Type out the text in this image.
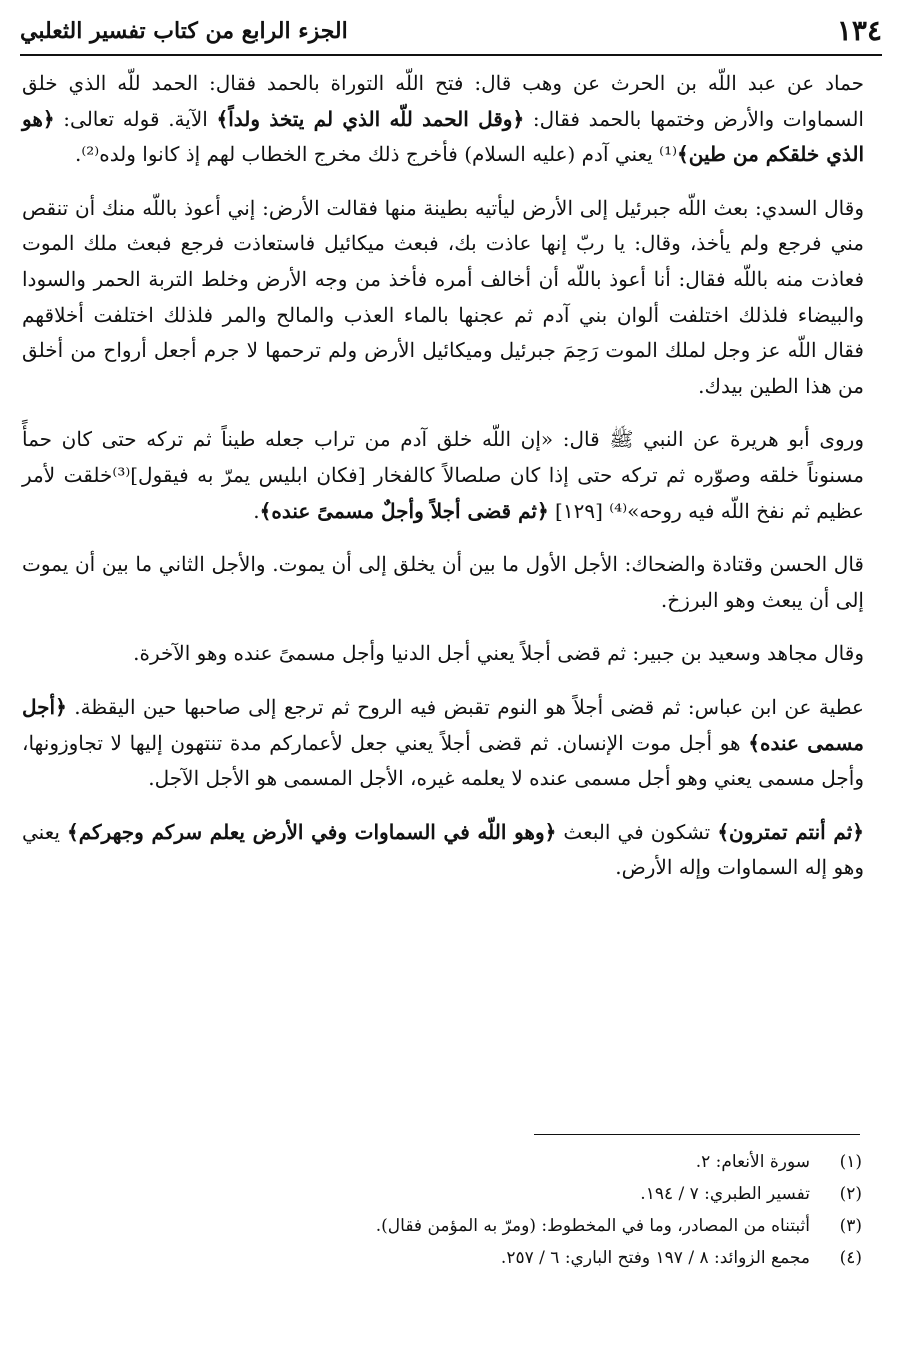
١٣٤
الجزء الرابع من كتاب تفسير الثعلبي

حماد عن عبد اللّه بن الحرث عن وهب قال: فتح اللّه التوراة بالحمد فقال: الحمد للّه الذي خلق السماوات والأرض وختمها بالحمد فقال: ﴿وقل الحمد للّه الذي لم يتخذ ولداً﴾ الآية. قوله تعالى: ﴿هو الذي خلقكم من طين﴾⁽¹⁾ يعني آدم (عليه السلام) فأخرج ذلك مخرج الخطاب لهم إذ كانوا ولده⁽²⁾.

وقال السدي: بعث اللّه جبرئيل إلى الأرض ليأتيه بطينة منها فقالت الأرض: إني أعوذ باللّه منك أن تنقص مني فرجع ولم يأخذ، وقال: يا ربّ إنها عاذت بك، فبعث ميكائيل فاستعاذت فرجع فبعث ملك الموت فعاذت منه باللّه فقال: أنا أعوذ باللّه أن أخالف أمره فأخذ من وجه الأرض وخلط التربة الحمر والسودا والبيضاء فلذلك اختلفت ألوان بني آدم ثم عجنها بالماء العذب والمالح والمر فلذلك اختلفت أخلاقهم فقال اللّه عز وجل لملك الموت رَحِمَ جبرئيل وميكائيل الأرض ولم ترحمها لا جرم أجعل أرواح من أخلق من هذا الطين بيدك.

وروى أبو هريرة عن النبي ﷺ قال: «إن اللّه خلق آدم من تراب جعله طيناً ثم تركه حتى كان حمأً مسنوناً خلقه وصوّره ثم تركه حتى إذا كان صلصالاً كالفخار [فكان ابليس يمرّ به فيقول]⁽³⁾خلقت لأمر عظيم ثم نفخ اللّه فيه روحه»⁽⁴⁾ [١٢٩] ﴿ثم قضى أجلاً وأجلٌ مسمىً عنده﴾.

قال الحسن وقتادة والضحاك: الأجل الأول ما بين أن يخلق إلى أن يموت. والأجل الثاني ما بين أن يموت إلى أن يبعث وهو البرزخ.

وقال مجاهد وسعيد بن جبير: ثم قضى أجلاً يعني أجل الدنيا وأجل مسمىً عنده وهو الآخرة.

عطية عن ابن عباس: ثم قضى أجلاً هو النوم تقبض فيه الروح ثم ترجع إلى صاحبها حين اليقظة. ﴿أجل مسمى عنده﴾ هو أجل موت الإنسان. ثم قضى أجلاً يعني جعل لأعماركم مدة تنتهون إليها لا تجاوزونها، وأجل مسمى يعني وهو أجل مسمى عنده لا يعلمه غيره، الأجل المسمى هو الأجل الآجل.

﴿ثم أنتم تمترون﴾ تشكون في البعث ﴿وهو اللّه في السماوات وفي الأرض يعلم سركم وجهركم﴾ يعني وهو إله السماوات وإله الأرض.

(١)
سورة الأنعام: ٢.
(٢)
تفسير الطبري: ٧ / ١٩٤.
(٣)
أثبتناه من المصادر، وما في المخطوط: (ومرّ به المؤمن فقال).
(٤)
مجمع الزوائد: ٨ / ١٩٧ وفتح الباري: ٦ / ٢٥٧.
